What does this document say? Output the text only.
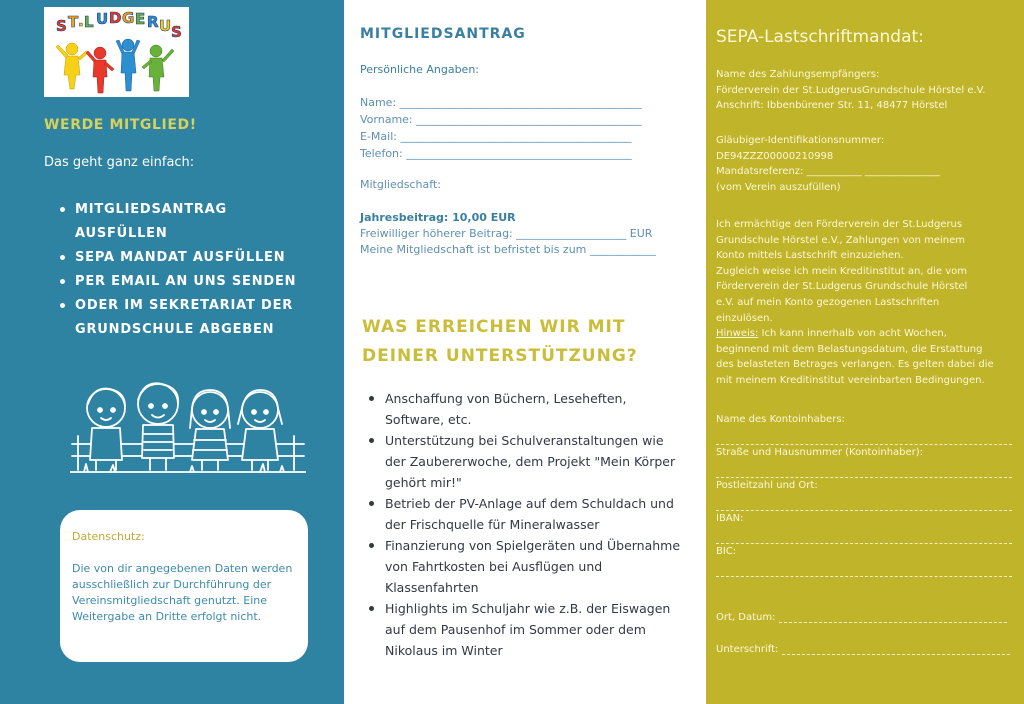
S T . L U D G E R U S
WERDE MITGLIED!
Das geht ganz einfach:
MITGLIEDSANTRAG AUSFÜLLEN
SEPA MANDAT AUSFÜLLEN
PER EMAIL AN UNS SENDEN
ODER IM SEKRETARIAT DER GRUNDSCHULE ABGEBEN
Datenschutz:
Die von dir angegebenen Daten werden ausschließlich zur Durchführung der Vereinsmitgliedschaft genutzt. Eine Weitergabe an Dritte erfolgt nicht.
MITGLIEDSANTRAG
Persönliche Angaben:
Name: ____________________________________________
Vorname: _________________________________________
E-Mail: __________________________________________
Telefon: _________________________________________
Mitgliedschaft:
Jahresbeitrag: 10,00 EUR
Freiwilliger höherer Beitrag: ____________________ EUR
Meine Mitgliedschaft ist befristet bis zum ____________
WAS ERREICHEN WIR MIT
DEINER UNTERSTÜTZUNG?
Anschaffung von Büchern, Leseheften, Software, etc.
Unterstützung bei Schulveranstaltungen wie der Zaubererwoche, dem Projekt "Mein Körper gehört mir!"
Betrieb der PV-Anlage auf dem Schuldach und der Frischquelle für Mineralwasser
Finanzierung von Spielgeräten und Übernahme von Fahrtkosten bei Ausflügen und Klassenfahrten
Highlights im Schuljahr wie z.B. der Eiswagen auf dem Pausenhof im Sommer oder dem Nikolaus im Winter
SEPA-Lastschriftmandat:
Name des Zahlungsempfängers:
Förderverein der St.LudgerusGrundschule Hörstel e.V.
Anschrift: Ibbenbürener Str. 11, 48477 Hörstel
Gläubiger-Identifikationsnummer:
DE94ZZZ00000210998
Mandatsreferenz: ___________ _______________
(vom Verein auszufüllen)
Ich ermächtige den Förderverein der St.Ludgerus
Grundschule Hörstel e.V., Zahlungen von meinem
Konto mittels Lastschrift einzuziehen.
Zugleich weise ich mein Kreditinstitut an, die vom
Förderverein der St.Ludgerus Grundschule Hörstel
e.V. auf mein Konto gezogenen Lastschriften
einzulösen.
Hinweis: Ich kann innerhalb von acht Wochen,
beginnend mit dem Belastungsdatum, die Erstattung
des belasteten Betrages verlangen. Es gelten dabei die
mit meinem Kreditinstitut vereinbarten Bedingungen.
Name des Kontoinhabers:
Straße und Hausnummer (Kontoinhaber):
Postleitzahl und Ort:
IBAN:
BIC:
Ort, Datum:
Unterschrift:
